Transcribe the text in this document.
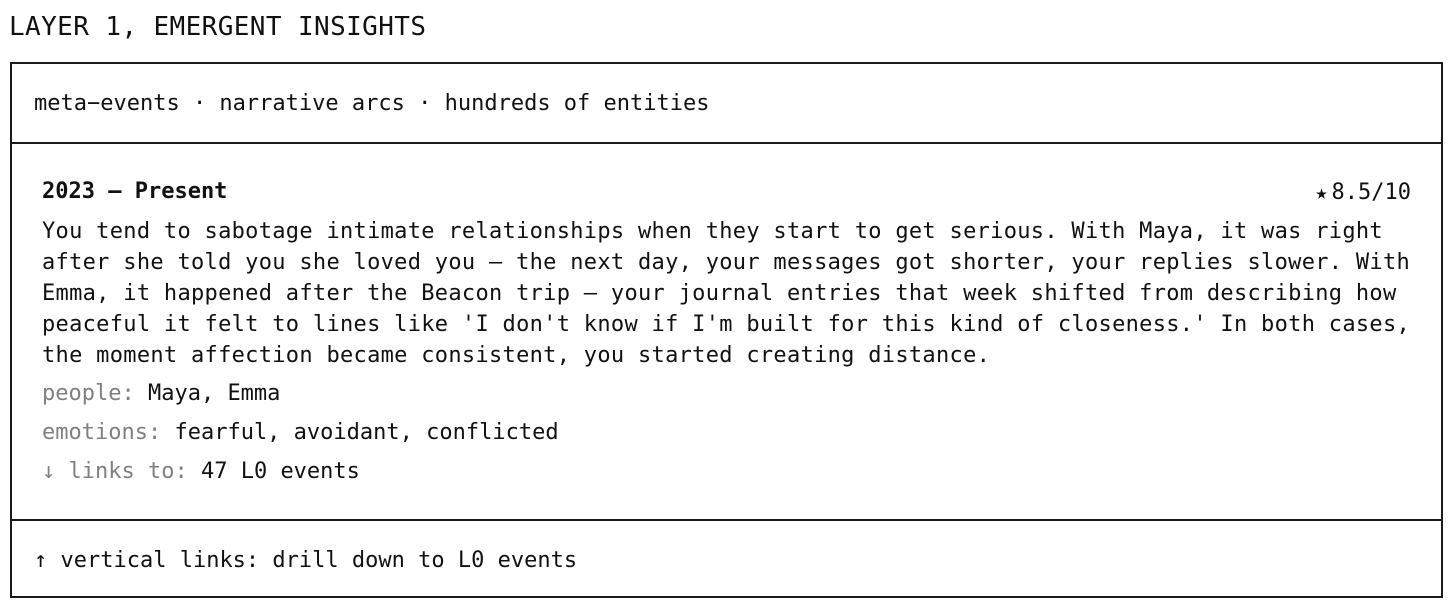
LAYER 1, EMERGENT INSIGHTS
meta−events · narrative arcs · hundreds of entities
2023 – Present	★ 8.5/10

You tend to sabotage intimate relationships when they start to get serious. With Maya, it was right after she told you she loved you — the next day, your messages got shorter, your replies slower. With Emma, it happened after the Beacon trip — your journal entries that week shifted from describing how peaceful it felt to lines like 'I don't know if I'm built for this kind of closeness.' In both cases, the moment affection became consistent, you started creating distance.

people: Maya, Emma
emotions: fearful, avoidant, conflicted
↓ links to: 47 L0 events
↑ vertical links: drill down to L0 events
